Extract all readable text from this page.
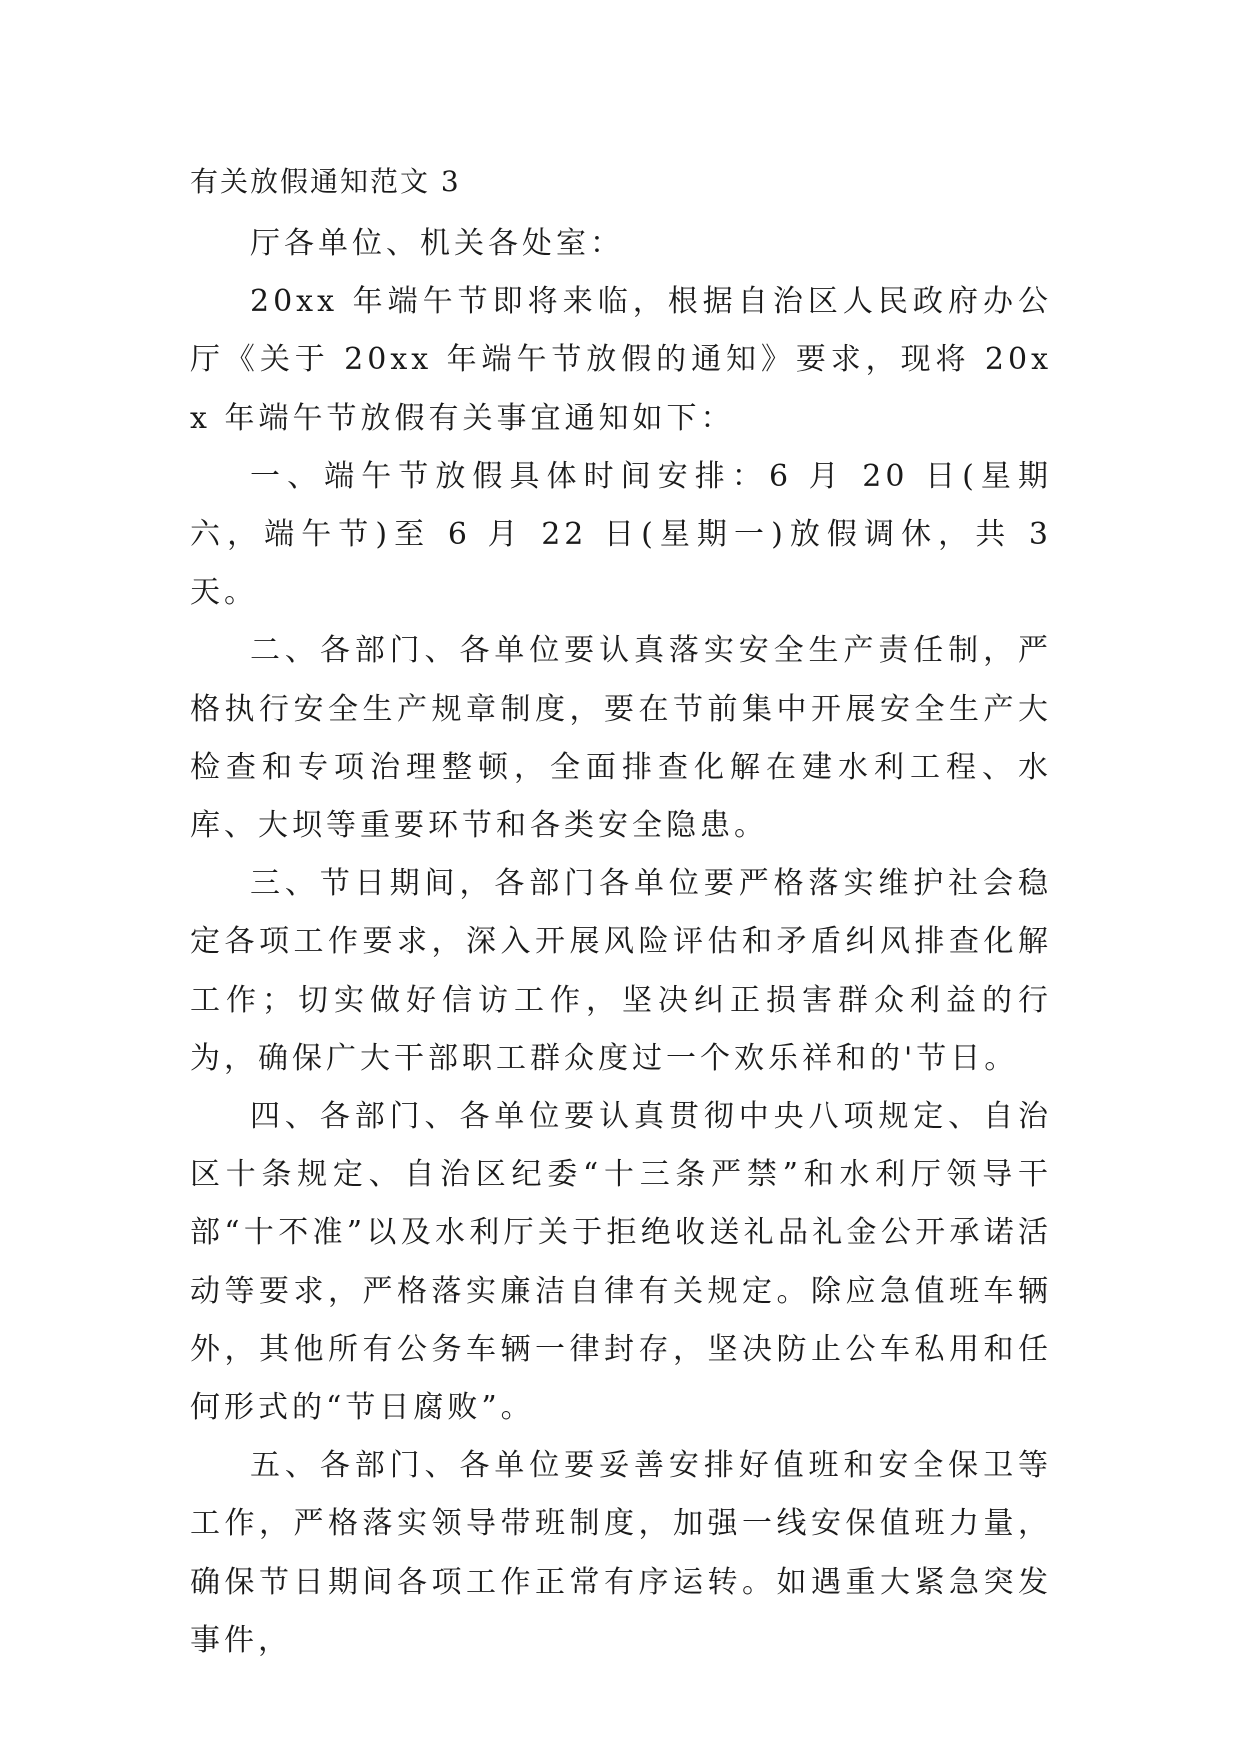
有关放假通知范文 3

厅各单位、机关各处室：

20xx 年端午节即将来临，根据自治区人民政府办公厅《关于 20xx 年端午节放假的通知》要求，现将 20xx 年端午节放假有关事宜通知如下：

一、端午节放假具体时间安排：6 月 20 日(星期六，端午节)至 6 月 22 日(星期一)放假调休，共 3 天。

二、各部门、各单位要认真落实安全生产责任制，严格执行安全生产规章制度，要在节前集中开展安全生产大检查和专项治理整顿，全面排查化解在建水利工程、水库、大坝等重要环节和各类安全隐患。

三、节日期间，各部门各单位要严格落实维护社会稳定各项工作要求，深入开展风险评估和矛盾纠风排查化解工作；切实做好信访工作，坚决纠正损害群众利益的行为，确保广大干部职工群众度过一个欢乐祥和的'节日。

四、各部门、各单位要认真贯彻中央八项规定、自治区十条规定、自治区纪委“十三条严禁”和水利厅领导干部“十不准”以及水利厅关于拒绝收送礼品礼金公开承诺活动等要求，严格落实廉洁自律有关规定。除应急值班车辆外，其他所有公务车辆一律封存，坚决防止公车私用和任何形式的“节日腐败”。

五、各部门、各单位要妥善安排好值班和安全保卫等工作，严格落实领导带班制度，加强一线安保值班力量，确保节日期间各项工作正常有序运转。如遇重大紧急突发事件，
